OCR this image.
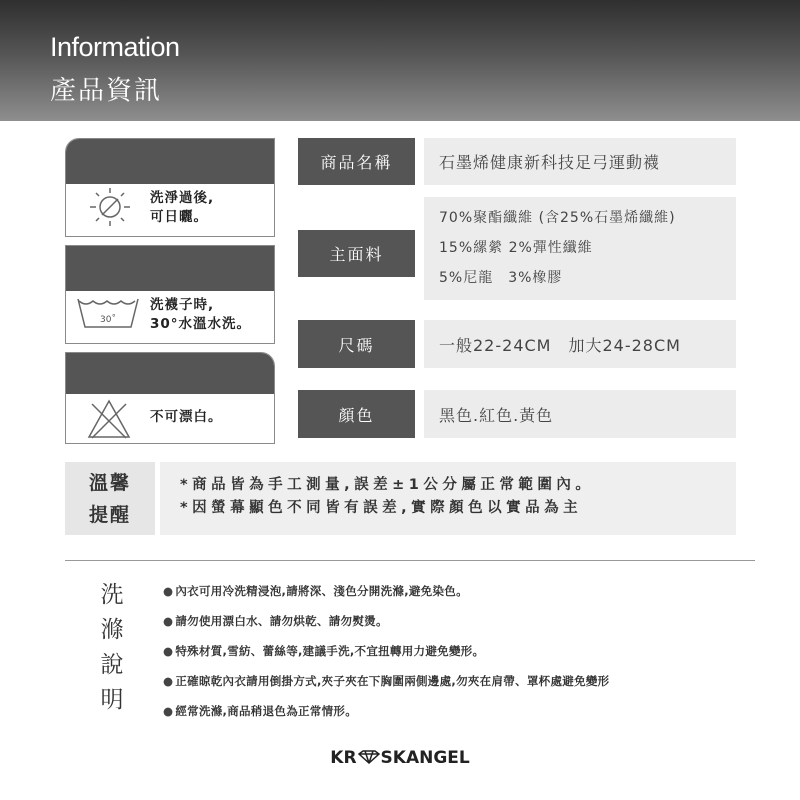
Information
產品資訊
洗淨過後,
可日曬。
30˚
洗襪子時,
30°水溫水洗。
不可漂白。
商品名稱	石墨烯健康新科技足弓運動襪
主面料
70%聚酯纖維 (含25%石墨烯纖維)
15%縲縈 2%彈性纖維
5%尼龍　3%橡膠
尺碼	一般22-24CM　加大24-28CM
顏色	黑色.紅色.黃色
溫馨
提醒
*商品皆為手工測量,誤差±1公分屬正常範圍內。
*因螢幕顯色不同皆有誤差,實際顏色以實品為主
洗
滌
說
明
● 內衣可用冷洗精浸泡,請將深、淺色分開洗滌,避免染色。
● 請勿使用漂白水、請勿烘乾、請勿熨燙。
● 特殊材質,雪紡、蕾絲等,建議手洗,不宜扭轉用力避免變形。
● 正確晾乾內衣請用倒掛方式,夾子夾在下胸圍兩側邊處,勿夾在肩帶、罩杯處避免變形
● 經常洗滌,商品稍退色為正常情形。
KR SKANGEL
